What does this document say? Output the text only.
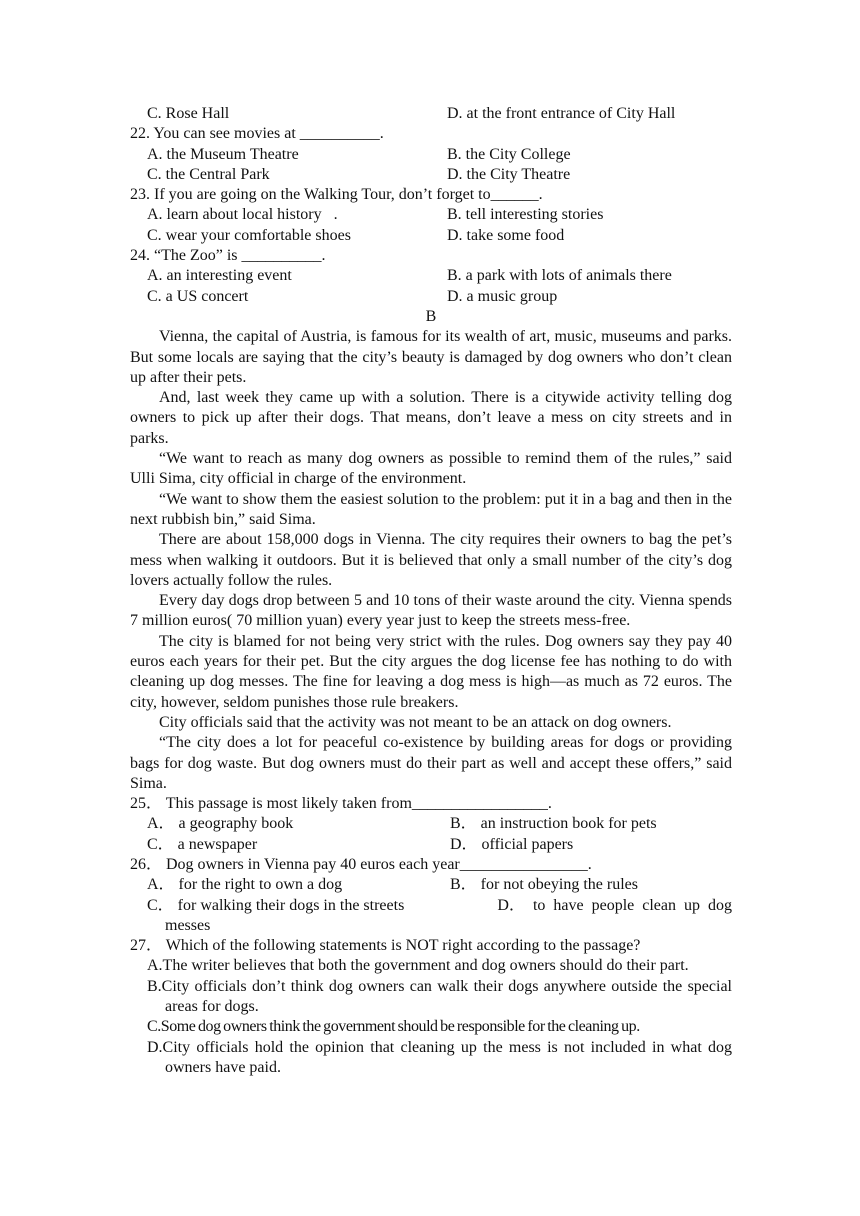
C. Rose Hall	D. at the front entrance of City Hall
22. You can see movies at __________.
A. the Museum Theatre	B. the City College
C. the Central Park	D. the City Theatre
23. If you are going on the Walking Tour, don’t forget to______.
A. learn about local history   .	B. tell interesting stories
C. wear your comfortable shoes	D. take some food
24. “The Zoo” is __________.
A. an interesting event	B. a park with lots of animals there
C. a US concert	D. a music group
B
Vienna, the capital of Austria, is famous for its wealth of art, music, museums and parks. But some locals are saying that the city’s beauty is damaged by dog owners who don’t clean up after their pets.
And, last week they came up with a solution. There is a citywide activity telling dog owners to pick up after their dogs. That means, don’t leave a mess on city streets and in parks.
“We want to reach as many dog owners as possible to remind them of the rules,” said Ulli Sima, city official in charge of the environment.
“We want to show them the easiest solution to the problem: put it in a bag and then in the next rubbish bin,” said Sima.
There are about 158,000 dogs in Vienna. The city requires their owners to bag the pet’s mess when walking it outdoors. But it is believed that only a small number of the city’s dog lovers actually follow the rules.
Every day dogs drop between 5 and 10 tons of their waste around the city. Vienna spends 7 million euros( 70 million yuan) every year just to keep the streets mess-free.
The city is blamed for not being very strict with the rules. Dog owners say they pay 40 euros each years for their pet. But the city argues the dog license fee has nothing to do with cleaning up dog messes. The fine for leaving a dog mess is high—as much as 72 euros. The city, however, seldom punishes those rule breakers.
City officials said that the activity was not meant to be an attack on dog owners.
“The city does a lot for peaceful co-existence by building areas for dogs or providing bags for dog waste. But dog owners must do their part as well and accept these offers,” said Sima.
25． This passage is most likely taken from_________________.
A． a geography book	B． an instruction book for pets
C． a newspaper	D． official papers
26． Dog owners in Vienna pay 40 euros each year________________.
A． for the right to own a dog	B． for not obeying the rules
C． for walking their dogs in the streets	D．  to  have  people  clean  up  dog
messes
27． Which of the following statements is NOT right according to the passage?
A.The writer believes that both the government and dog owners should do their part.
B.City officials don’t think dog owners can walk their dogs anywhere outside the special areas for dogs.
C.Some dog owners think the government should be responsible for the cleaning up.
D.City officials hold the opinion that cleaning up the mess is not included in what dog owners have paid.
